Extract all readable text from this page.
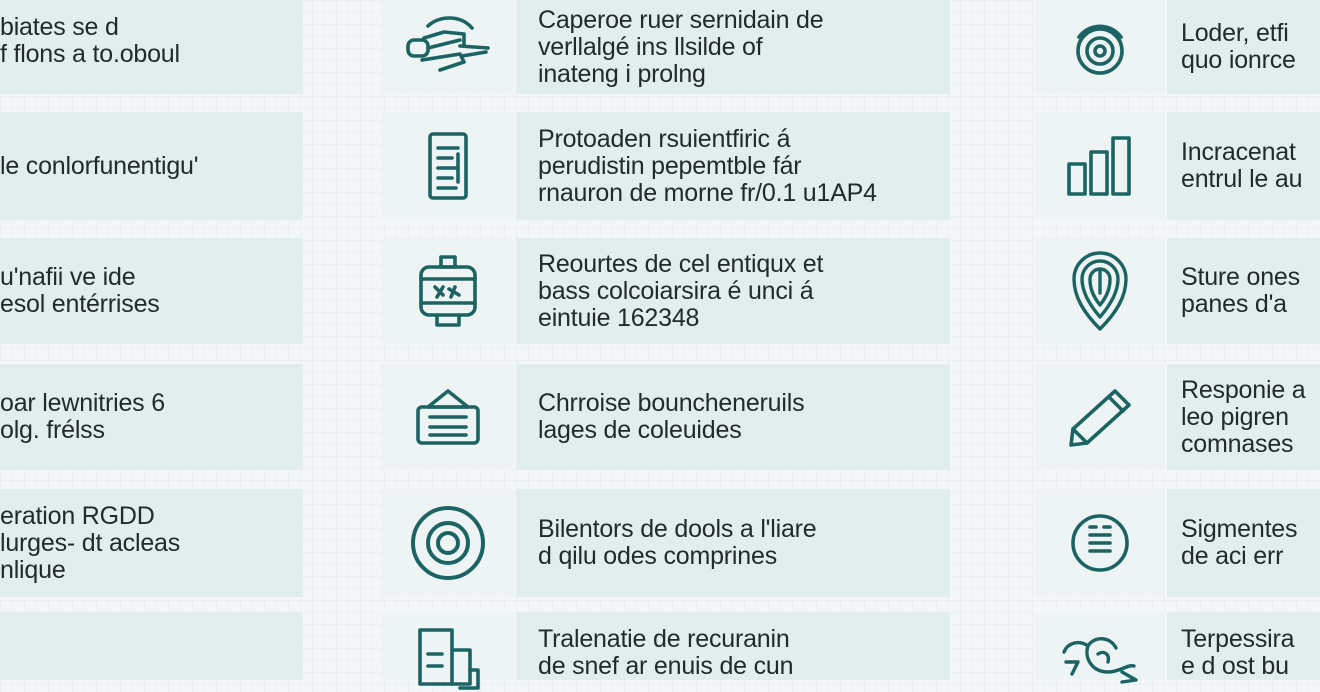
biates se d
f flons a to.oboul
le conlorfunentigu'
u'nafii ve ide
esol entérrises
oar lewnitries 6
olg. frélss
eration RGDD
lurges- dt acleas
nlique
Caperoe ruer sernidain de
verllalgé ins llsilde of
inateng i prolng
Protoaden rsuientfiric á
perudistin pepemtble fár
rnauron de morne fr/0.1 u1AP4
Reourtes de cel entiqux et
bass colcoiarsira é unci á
eintuie 162348
Chrroise bouncheneruils
lages de coleuides
Bilentors de dools a l'liare
d qilu odes comprines
Tralenatie de recuranin
de snef ar enuis de cun
Loder, etfi
quo ionrce
Incracenat
entrul le au
Sture ones
panes d'a
Responie a
leo pigren
comnases
Sigmentes
de aci err
Terpessira
e d ost bu
